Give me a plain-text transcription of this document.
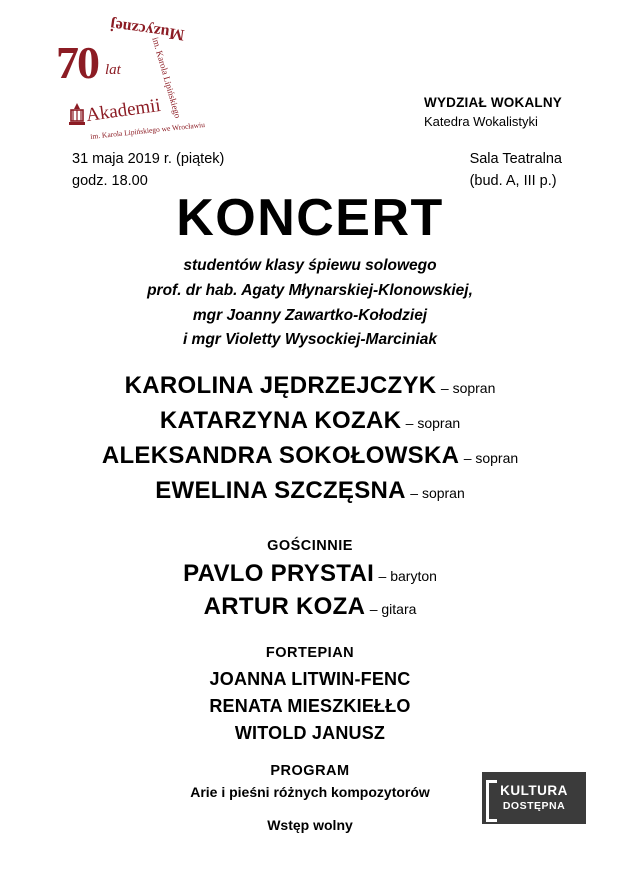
Muzycznej
im. Karola Lipińskiego
70 lat
Akademii
im. Karola Lipińskiego we Wrocławiu
WYDZIAŁ WOKALNY
Katedra Wokalistyki
31 maja 2019 r. (piątek)
godz. 18.00
Sala Teatralna
(bud. A, III p.)
KONCERT
studentów klasy śpiewu solowego
prof. dr hab. Agaty Młynarskiej-Klonowskiej,
mgr Joanny Zawartko-Kołodziej
i mgr Violetty Wysockiej-Marciniak
KAROLINA JĘDRZEJCZYK – sopran
KATARZYNA KOZAK – sopran
ALEKSANDRA SOKOŁOWSKA – sopran
EWELINA SZCZĘSNA – sopran
GOŚCINNIE
PAVLO PRYSTAI – baryton
ARTUR KOZA – gitara
FORTEPIAN
JOANNA LITWIN-FENC
RENATA MIESZKIEŁŁO
WITOLD JANUSZ
PROGRAM
Arie i pieśni różnych kompozytorów
Wstęp wolny
KULTURA
DOSTĘPNA
